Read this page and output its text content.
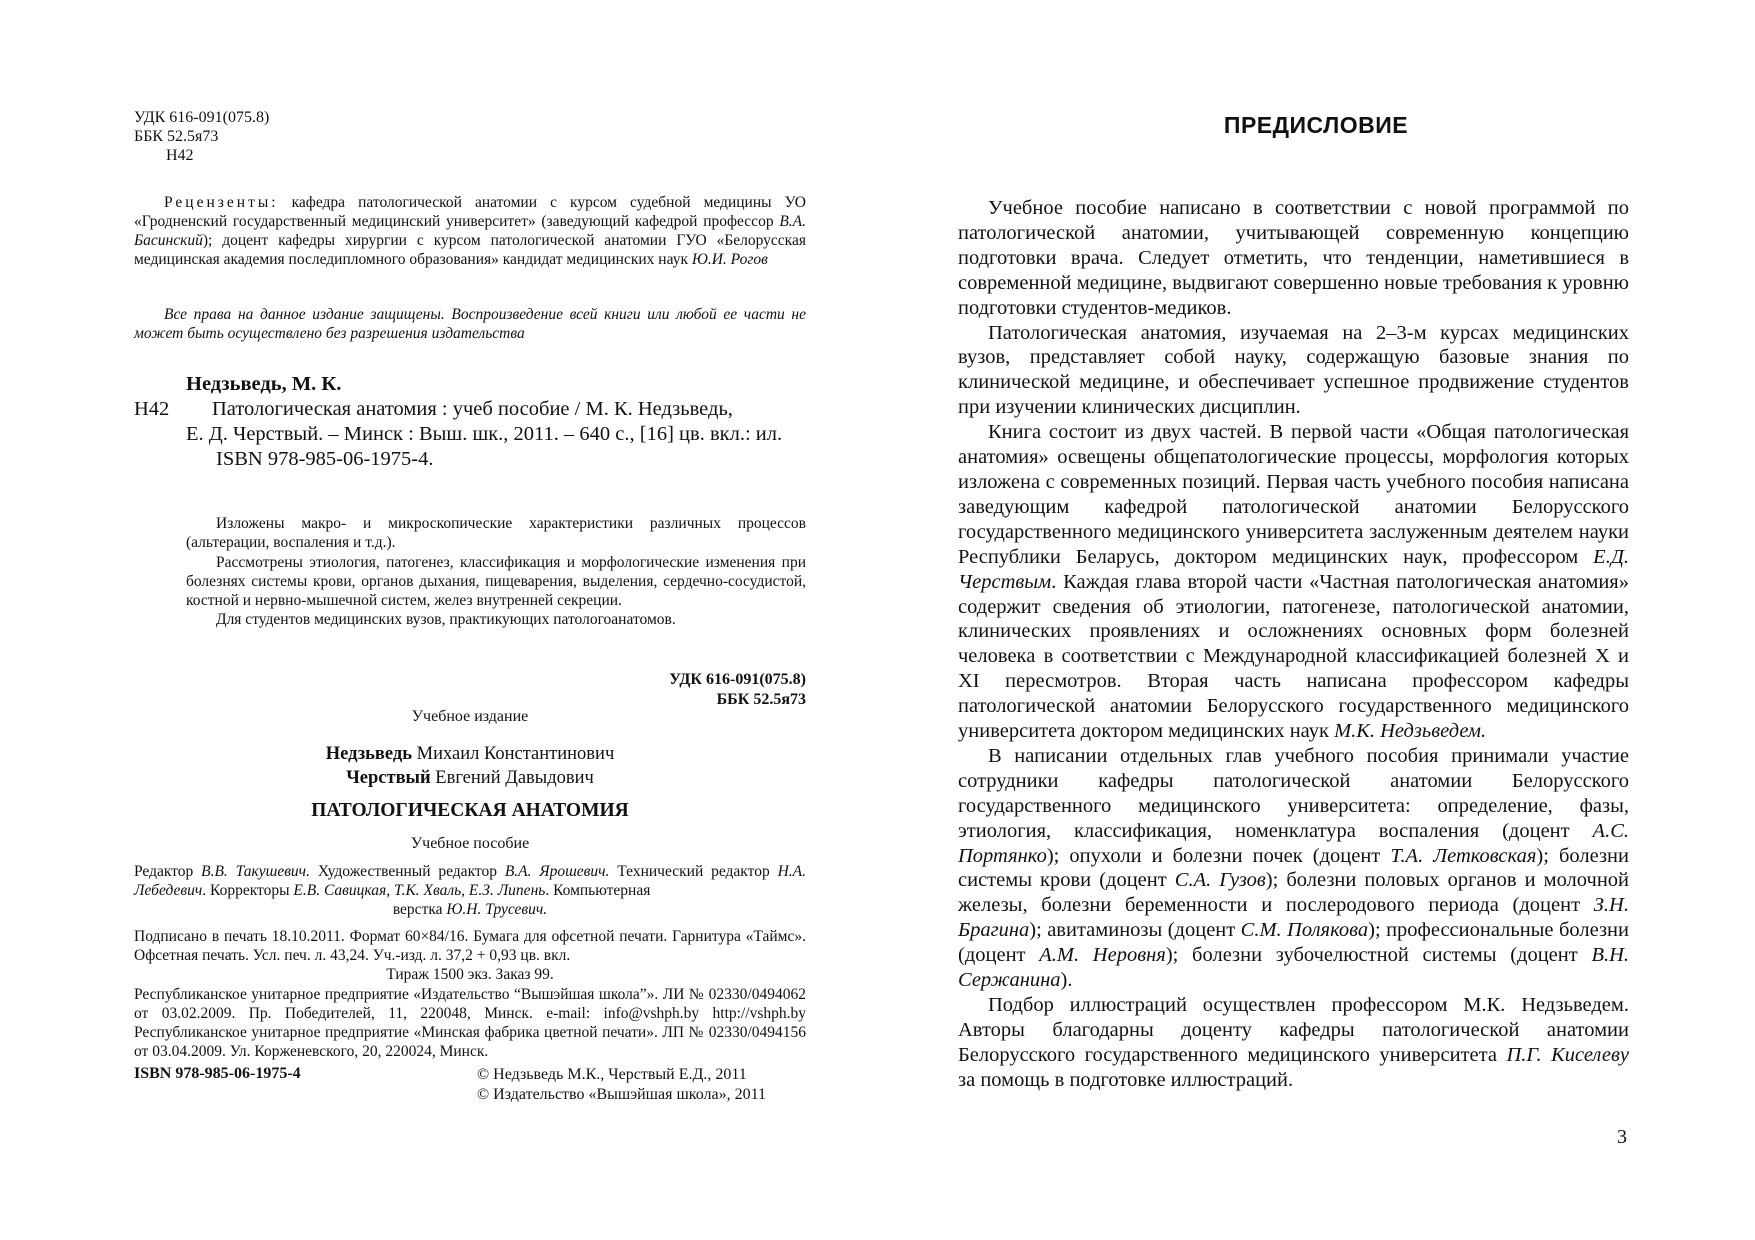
УДК 616-091(075.8)
ББК 52.5я73
Н42

Рецензенты: кафедра патологической анатомии с курсом судебной медицины УО «Гродненский государственный медицинский университет» (заведующий кафедрой профессор В.А. Басинский); доцент кафедры хирургии с курсом патологической анатомии ГУО «Белорусская медицинская академия последипломного образования» кандидат медицинских наук Ю.И. Рогов

Все права на данное издание защищены. Воспроизведение всей книги или любой ее части не может быть осуществлено без разрешения издательства

Недзьведь, М. К.
Н42	Патологическая анатомия : учеб пособие / М. К. Недзьведь,
Е. Д. Черствый. – Минск : Выш. шк., 2011. – 640 с., [16] цв. вкл.: ил.
ISBN 978-985-06-1975-4.

Изложены макро- и микроскопические характеристики различных процессов (альтерации, воспаления и т.д.).

Рассмотрены этиология, патогенез, классификация и морфологические изменения при болезнях системы крови, органов дыхания, пищеварения, выделения, сердечно-сосудистой, костной и нервно-мышечной систем, желез внутренней секреции.

Для студентов медицинских вузов, практикующих патологоанатомов.

УДК 616-091(075.8)
ББК 52.5я73
Учебное издание
Недзьведь Михаил Константинович
Черствый Евгений Давыдович
ПАТОЛОГИЧЕСКАЯ АНАТОМИЯ
Учебное пособие

Редактор В.В. Такушевич. Художественный редактор В.А. Ярошевич. Технический редактор Н.А. Лебедевич. Корректоры Е.В. Савицкая, Т.К. Хваль, Е.З. Липень. Компьютерная

верстка Ю.Н. Трусевич.

Подписано в печать 18.10.2011. Формат 60×84/16. Бумага для офсетной печати. Гарнитура «Таймс». Офсетная печать. Усл. печ. л. 43,24. Уч.-изд. л. 37,2 + 0,93 цв. вкл.

Тираж 1500 экз. Заказ 99.

Республиканское унитарное предприятие «Издательство “Вышэйшая школа”». ЛИ № 02330/0494062 от 03.02.2009. Пр. Победителей, 11, 220048, Минск. e-mail: info@vshph.by http://vshph.by Республиканское унитарное предприятие «Минская фабрика цветной печати». ЛП № 02330/0494156 от 03.04.2009. Ул. Корженевского, 20, 220024, Минск.

ISBN 978-985-06-1975-4	© Недзьведь М.К., Черствый Е.Д., 2011
© Издательство «Вышэйшая школа», 2011
ПРЕДИСЛОВИЕ

Учебное пособие написано в соответствии с новой программой по патологической анатомии, учитывающей современную концепцию подготовки врача. Следует отметить, что тенденции, наметившиеся в современной медицине, выдвигают совершенно новые требования к уровню подготовки студентов-медиков.

Патологическая анатомия, изучаемая на 2–3-м курсах медицинских вузов, представляет собой науку, содержащую базовые знания по клинической медицине, и обеспечивает успешное продвижение студентов при изучении клинических дисциплин.

Книга состоит из двух частей. В первой части «Общая патологическая анатомия» освещены общепатологические процессы, морфология которых изложена с современных позиций. Первая часть учебного пособия написана заведующим кафедрой патологической анатомии Белорусского государственного медицинского университета заслуженным деятелем науки Республики Беларусь, доктором медицинских наук, профессором Е.Д. Черствым. Каждая глава второй части «Частная патологическая анатомия» содержит сведения об этиологии, патогенезе, патологической анатомии, клинических проявлениях и осложнениях основных форм болезней человека в соответствии с Международной классификацией болезней X и XI пересмотров. Вторая часть написана профессором кафедры патологической анатомии Белорусского государственного медицинского университета доктором медицинских наук М.К. Недзьведем.

В написании отдельных глав учебного пособия принимали участие сотрудники кафедры патологической анатомии Белорусского государственного медицинского университета: определение, фазы, этиология, классификация, номенклатура воспаления (доцент А.С. Портянко); опухоли и болезни почек (доцент Т.А. Летковская); болезни системы крови (доцент С.А. Гузов); болезни половых органов и молочной железы, болезни беременности и послеродового периода (доцент З.Н. Брагина); авитаминозы (доцент С.М. Полякова); профессиональные болезни (доцент А.М. Неровня); болезни зубочелюстной системы (доцент В.Н. Сержанина).

Подбор иллюстраций осуществлен профессором М.К. Недзьведем. Авторы благодарны доценту кафедры патологической анатомии Белорусского государственного медицинского университета П.Г. Киселеву за помощь в подготовке иллюстраций.

3
